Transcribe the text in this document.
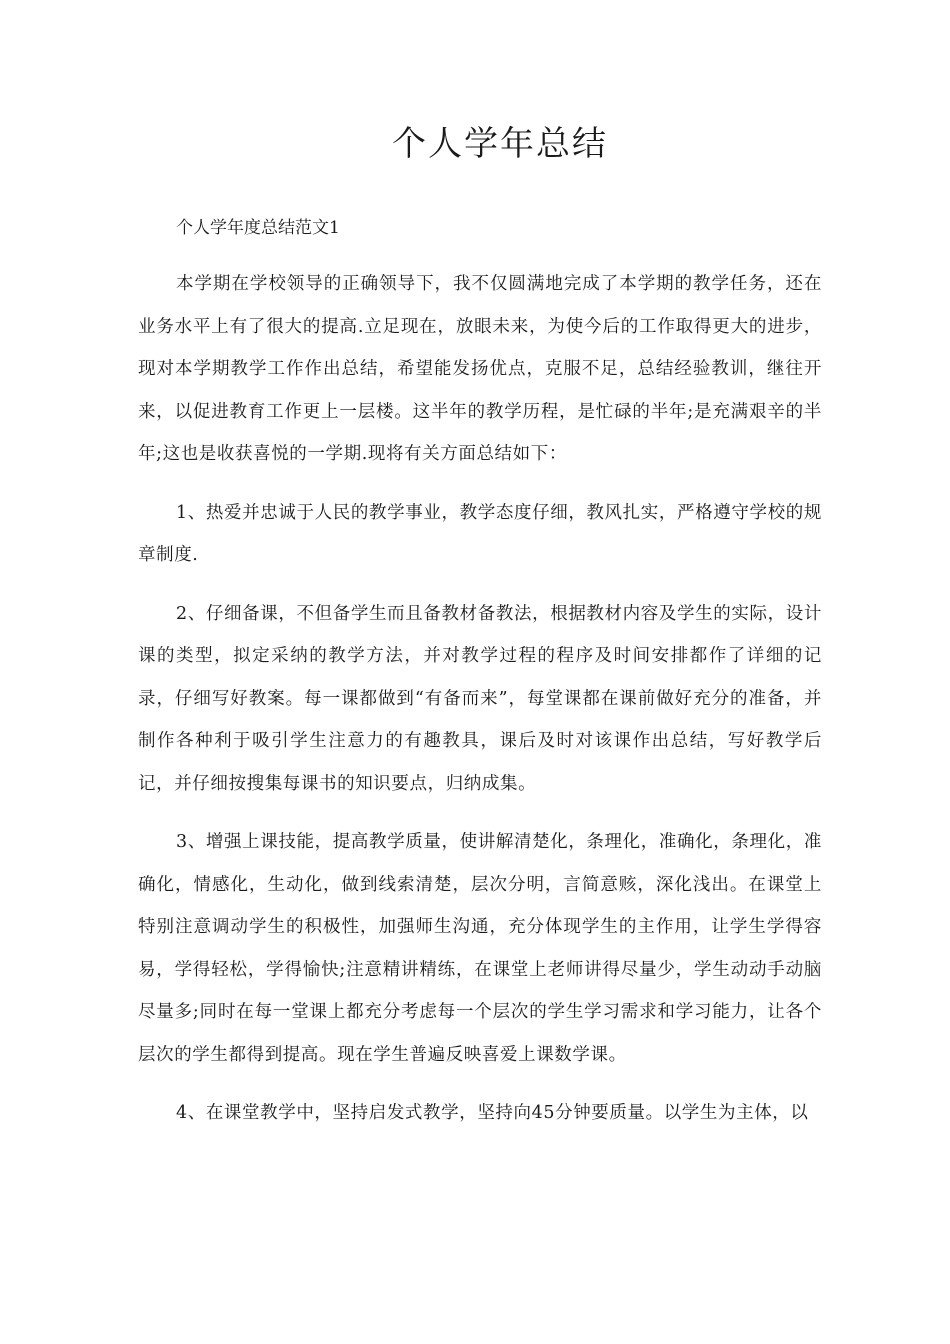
个人学年总结

个人学年度总结范文1

本学期在学校领导的正确领导下，我不仅圆满地完成了本学期的教学任务，还在业务水平上有了很大的提高.立足现在，放眼未来，为使今后的工作取得更大的进步，现对本学期教学工作作出总结，希望能发扬优点，克服不足，总结经验教训，继往开来，以促进教育工作更上一层楼。这半年的教学历程，是忙碌的半年;是充满艰辛的半年;这也是收获喜悦的一学期.现将有关方面总结如下：

1、热爱并忠诚于人民的教学事业，教学态度仔细，教风扎实，严格遵守学校的规章制度.

2、仔细备课，不但备学生而且备教材备教法，根据教材内容及学生的实际，设计课的类型，拟定采纳的教学方法，并对教学过程的程序及时间安排都作了详细的记录，仔细写好教案。每一课都做到“有备而来”，每堂课都在课前做好充分的准备，并制作各种利于吸引学生注意力的有趣教具，课后及时对该课作出总结，写好教学后记，并仔细按搜集每课书的知识要点，归纳成集。

3、增强上课技能，提高教学质量，使讲解清楚化，条理化，准确化，条理化，准确化，情感化，生动化，做到线索清楚，层次分明，言简意赅，深化浅出。在课堂上特别注意调动学生的积极性，加强师生沟通，充分体现学生的主作用，让学生学得容易，学得轻松，学得愉快;注意精讲精练，在课堂上老师讲得尽量少，学生动动手动脑尽量多;同时在每一堂课上都充分考虑每一个层次的学生学习需求和学习能力，让各个层次的学生都得到提高。现在学生普遍反映喜爱上课数学课。

4、在课堂教学中，坚持启发式教学，坚持向45分钟要质量。以学生为主体，以
